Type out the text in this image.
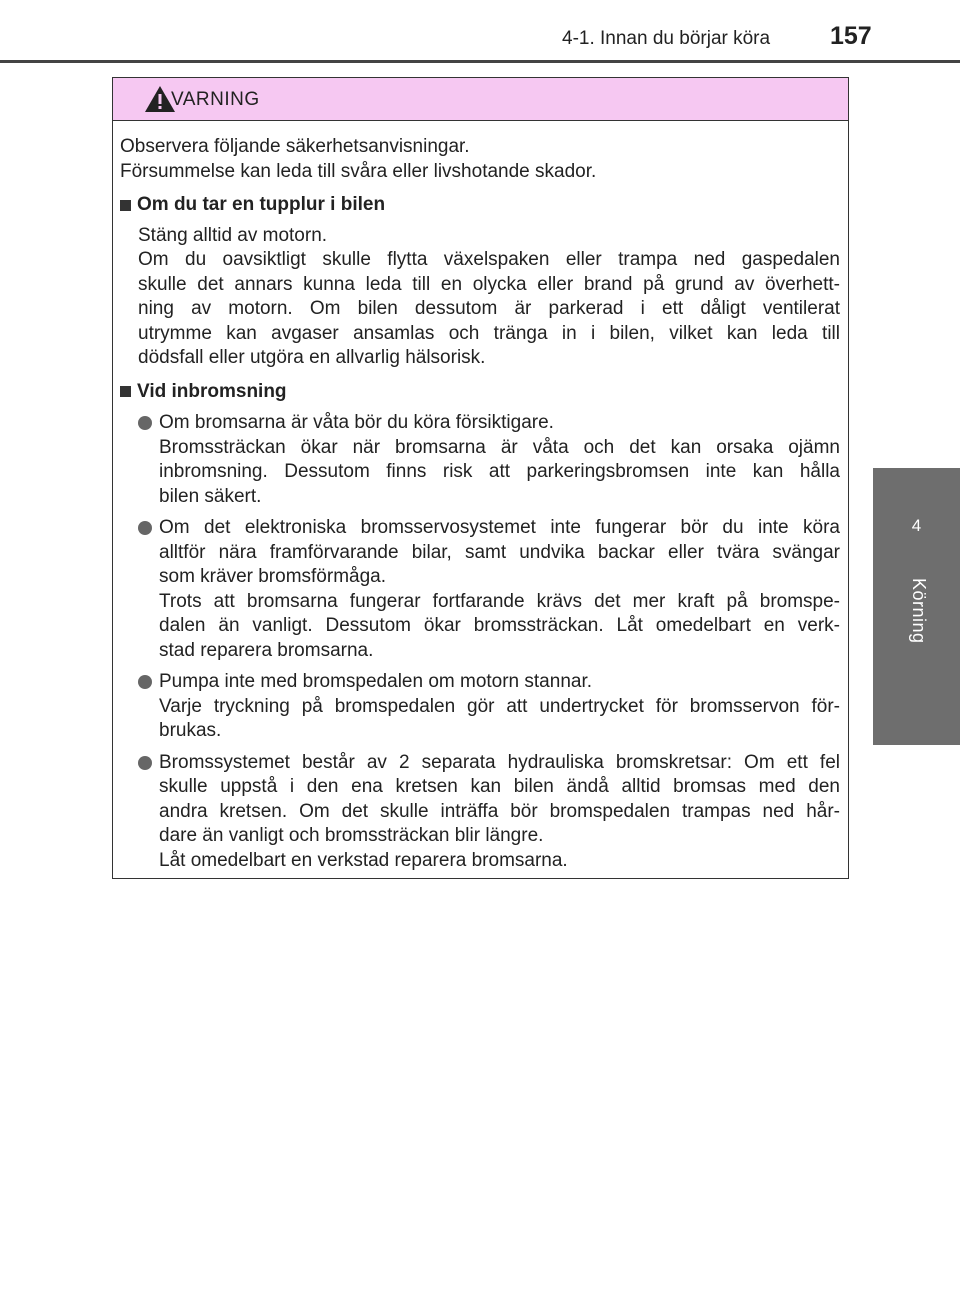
4-1. Innan du börjar köra 157
4
Körning
VARNING
Observera följande säkerhetsanvisningar.
Försummelse kan leda till svåra eller livshotande skador.
Om du tar en tupplur i bilen
Stäng alltid av motorn.
Om du oavsiktligt skulle flytta växelspaken eller trampa ned gaspedalen
skulle det annars kunna leda till en olycka eller brand på grund av överhett-
ning av motorn. Om bilen dessutom är parkerad i ett dåligt ventilerat
utrymme kan avgaser ansamlas och tränga in i bilen, vilket kan leda till
dödsfall eller utgöra en allvarlig hälsorisk.
Vid inbromsning
Om bromsarna är våta bör du köra försiktigare.
Bromssträckan ökar när bromsarna är våta och det kan orsaka ojämn
inbromsning. Dessutom finns risk att parkeringsbromsen inte kan hålla
bilen säkert.
Om det elektroniska bromsservosystemet inte fungerar bör du inte köra
alltför nära framförvarande bilar, samt undvika backar eller tvära svängar
som kräver bromsförmåga.
Trots att bromsarna fungerar fortfarande krävs det mer kraft på bromspe-
dalen än vanligt. Dessutom ökar bromssträckan. Låt omedelbart en verk-
stad reparera bromsarna.
Pumpa inte med bromspedalen om motorn stannar.
Varje tryckning på bromspedalen gör att undertrycket för bromsservon för-
brukas.
Bromssystemet består av 2 separata hydrauliska bromskretsar: Om ett fel
skulle uppstå i den ena kretsen kan bilen ändå alltid bromsas med den
andra kretsen. Om det skulle inträffa bör bromspedalen trampas ned hår-
dare än vanligt och bromssträckan blir längre.
Låt omedelbart en verkstad reparera bromsarna.
